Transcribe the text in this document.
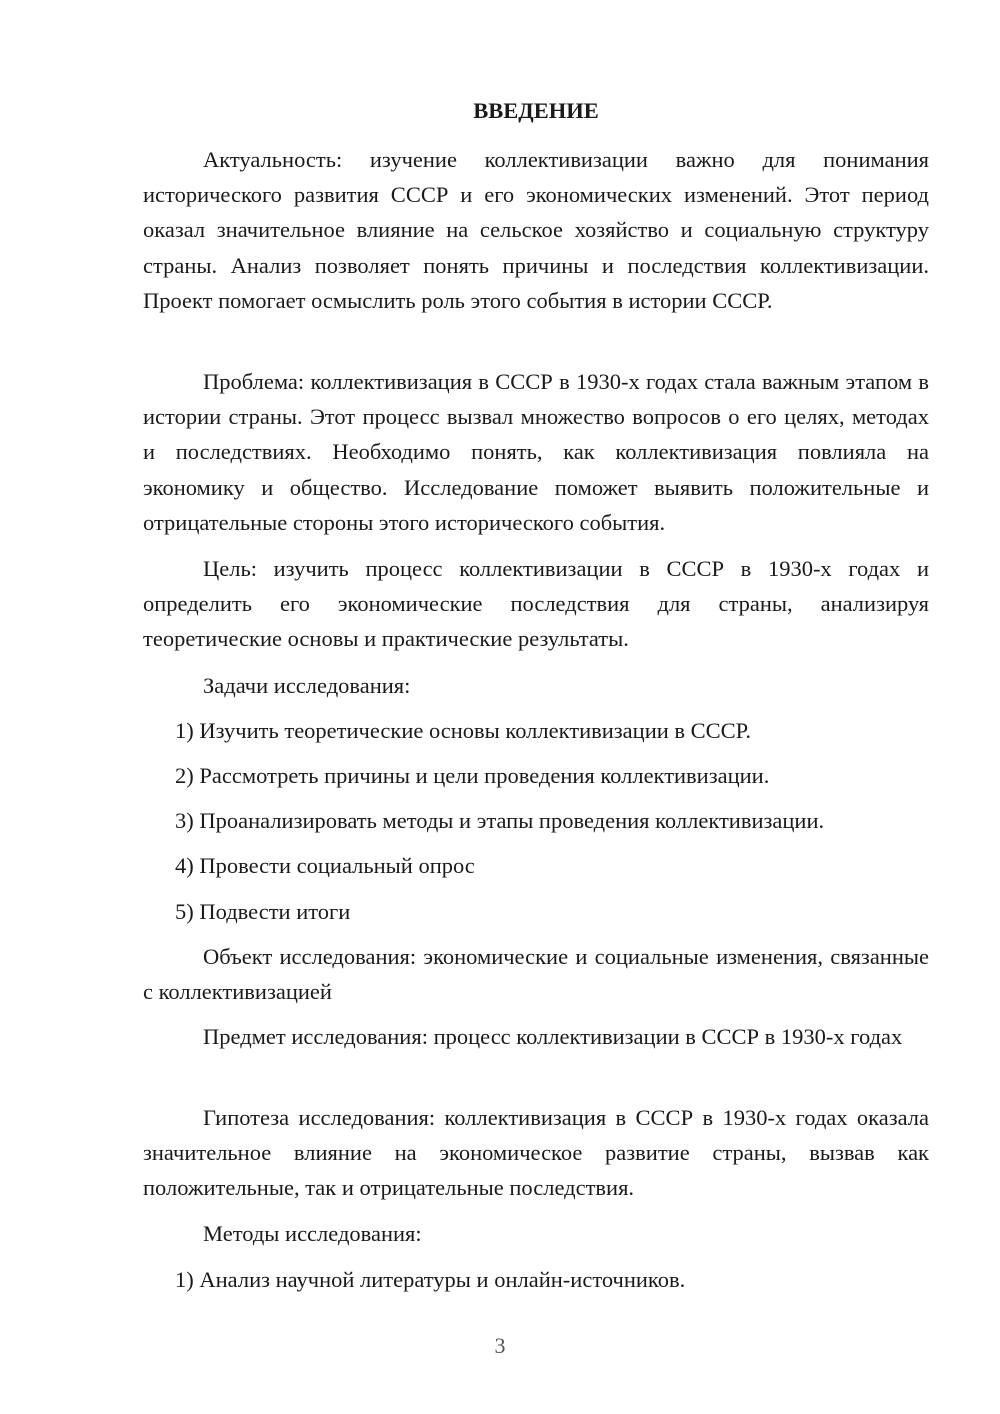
ВВЕДЕНИЕ

Актуальность: изучение коллективизации важно для понимания исторического развития СССР и его экономических изменений. Этот период оказал значительное влияние на сельское хозяйство и социальную структуру страны. Анализ позволяет понять причины и последствия коллективизации. Проект помогает осмыслить роль этого события в истории СССР.

Проблема: коллективизация в СССР в 1930-х годах стала важным этапом в истории страны. Этот процесс вызвал множество вопросов о его целях, методах и последствиях. Необходимо понять, как коллективизация повлияла на экономику и общество. Исследование поможет выявить положительные и отрицательные стороны этого исторического события.

Цель: изучить процесс коллективизации в СССР в 1930-х годах и определить его экономические последствия для страны, анализируя теоретические основы и практические результаты.

Задачи исследования:

1) Изучить теоретические основы коллективизации в СССР.

2) Рассмотреть причины и цели проведения коллективизации.

3) Проанализировать методы и этапы проведения коллективизации.

4) Провести социальный опрос

5) Подвести итоги

Объект исследования: экономические и социальные изменения, связанные с коллективизацией

Предмет исследования: процесс коллективизации в СССР в 1930-х годах

Гипотеза исследования: коллективизация в СССР в 1930-х годах оказала значительное влияние на экономическое развитие страны, вызвав как положительные, так и отрицательные последствия.

Методы исследования:

1) Анализ научной литературы и онлайн-источников.

3
